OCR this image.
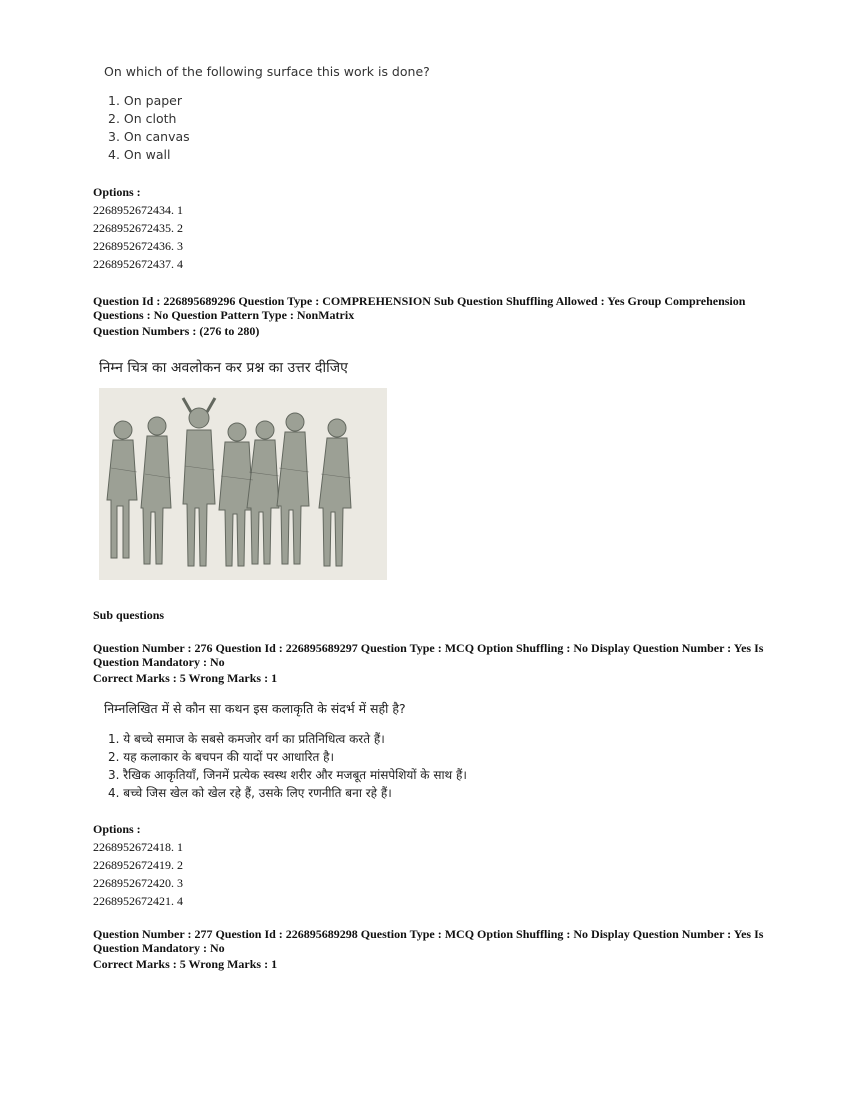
On which of the following surface this work is done?
1. On paper
2. On cloth
3. On canvas
4. On wall
Options :
2268952672434. 1
2268952672435. 2
2268952672436. 3
2268952672437. 4
Question Id : 226895689296 Question Type : COMPREHENSION Sub Question Shuffling Allowed : Yes Group Comprehension
Questions : No Question Pattern Type : NonMatrix
Question Numbers : (276 to 280)
निम्न चित्र का अवलोकन कर प्रश्न का उत्तर दीजिए
Sub questions
Question Number : 276 Question Id : 226895689297 Question Type : MCQ Option Shuffling : No Display Question Number : Yes Is
Question Mandatory : No
Correct Marks : 5 Wrong Marks : 1
निम्नलिखित में से कौन सा कथन इस कलाकृति के संदर्भ में सही है?
1. ये बच्चे समाज के सबसे कमजोर वर्ग का प्रतिनिधित्व करते हैं।
2. यह कलाकार के बचपन की यादों पर आधारित है।
3. रैखिक आकृतियाँ, जिनमें प्रत्येक स्वस्थ शरीर और मजबूत मांसपेशियों के साथ हैं।
4. बच्चे जिस खेल को खेल रहे हैं, उसके लिए रणनीति बना रहे हैं।
Options :
2268952672418. 1
2268952672419. 2
2268952672420. 3
2268952672421. 4
Question Number : 277 Question Id : 226895689298 Question Type : MCQ Option Shuffling : No Display Question Number : Yes Is
Question Mandatory : No
Correct Marks : 5 Wrong Marks : 1
